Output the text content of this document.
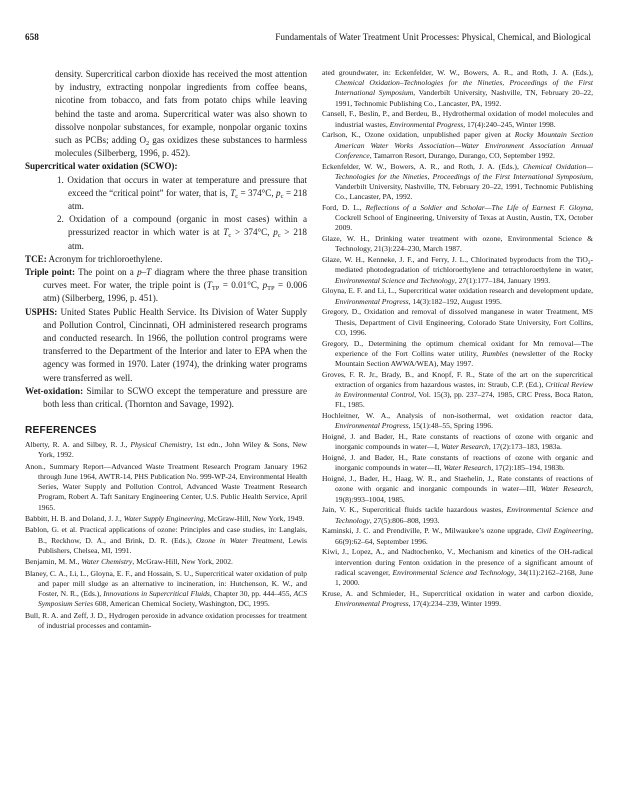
658	Fundamentals of Water Treatment Unit Processes: Physical, Chemical, and Biological

density. Supercritical carbon dioxide has received the most attention by industry, extracting nonpolar ingredients from coffee beans, nicotine from tobacco, and fats from potato chips while leaving behind the taste and aroma. Supercritical water was also shown to dissolve nonpolar substances, for example, nonpolar organic toxins such as PCBs; adding $O_2$ gas oxidizes these substances to harmless molecules (Silberberg, 1996, p. 452).

Supercritical water oxidation (SCWO):

1. Oxidation that occurs in water at temperature and pressure that exceed the “critical point” for water, that is, $T_c = 374^\circ C$, $p_c = 218$ atm.

2. Oxidation of a compound (organic in most cases) within a pressurized reactor in which water is at $T_c > 374^\circ C$, $p_c > 218$ atm.

TCE: Acronym for trichloroethylene.

Triple point: The point on a p–T diagram where the three phase transition curves meet. For water, the triple point is ($T_{TP} = 0.01^\circ C$, $p_{TP} = 0.006$ atm) (Silberberg, 1996, p. 451).

USPHS: United States Public Health Service. Its Division of Water Supply and Pollution Control, Cincinnati, OH administered research programs and conducted research. In 1966, the pollution control programs were transferred to the Department of the Interior and later to EPA when the agency was formed in 1970. Later (1974), the drinking water programs were transferred as well.

Wet-oxidation: Similar to SCWO except the temperature and pressure are both less than critical. (Thornton and Savage, 1992).

REFERENCES

Alberty, R. A. and Silbey, R. J., Physical Chemistry, 1st edn., John Wiley & Sons, New York, 1992.

Anon., Summary Report—Advanced Waste Treatment Research Program January 1962 through June 1964, AWTR-14, PHS Publication No. 999-WP-24, Environmental Health Series, Water Supply and Pollution Control, Advanced Waste Treatment Research Program, Robert A. Taft Sanitary Engineering Center, U.S. Public Health Service, April 1965.

Babbitt, H. B. and Doland, J. J., Water Supply Engineering, McGraw-Hill, New York, 1949.

Bablon, G. et al. Practical applications of ozone: Principles and case studies, in: Langlais, B., Reckhow, D. A., and Brink, D. R. (Eds.), Ozone in Water Treatment, Lewis Publishers, Chelsea, MI, 1991.

Benjamin, M. M., Water Chemistry, McGraw-Hill, New York, 2002.

Blaney, C. A., Li, L., Gloyna, E. F., and Hossain, S. U., Supercritical water oxidation of pulp and paper mill sludge as an alternative to incineration, in: Hutchenson, K. W., and Foster, N. R., (Eds.), Innovations in Supercritical Fluids, Chapter 30, pp. 444–455, ACS Symposium Series 608, American Chemical Society, Washington, DC, 1995.

Bull, R. A. and Zeff, J. D., Hydrogen peroxide in advance oxidation processes for treatment of industrial processes and contamin-

ated groundwater, in: Eckenfelder, W. W., Bowers, A. R., and Roth, J. A. (Eds.), Chemical Oxidation–Technologies for the Nineties, Proceedings of the First International Symposium, Vanderbilt University, Nashville, TN, February 20–22, 1991, Technomic Publishing Co., Lancaster, PA, 1992.

Cansell, F., Beslin, P., and Berdeu, B., Hydrothermal oxidation of model molecules and industrial wastes, Environmental Progress, 17(4):240–245, Winter 1998.

Carlson, K., Ozone oxidation, unpublished paper given at Rocky Mountain Section American Water Works Association—Water Environment Association Annual Conference, Tamarron Resort, Durango, Durango, CO, September 1992.

Eckenfelder, W. W., Bowers, A. R., and Roth, J. A. (Eds.), Chemical Oxidation—Technologies for the Nineties, Proceedings of the First International Symposium, Vanderbilt University, Nashville, TN, February 20–22, 1991, Technomic Publishing Co., Lancaster, PA, 1992.

Ford, D. L., Reflections of a Soldier and Scholar—The Life of Earnest F. Gloyna, Cockrell School of Engineering, University of Texas at Austin, Austin, TX, October 2009.

Glaze, W. H., Drinking water treatment with ozone, Environmental Science & Technology, 21(3):224–230, March 1987.

Glaze, W. H., Kenneke, J. F., and Ferry, J. L., Chlorinated byproducts from the TiO$_2$-mediated photodegradation of trichloroethylene and tetrachloroethylene in water, Environmental Science and Technology, 27(1):177–184, January 1993.

Gloyna, E. F. and Li, L., Supercritical water oxidation research and development update, Environmental Progress, 14(3):182–192, August 1995.

Gregory, D., Oxidation and removal of dissolved manganese in water Treatment, MS Thesis, Department of Civil Engineering, Colorado State University, Fort Collins, CO, 1996.

Gregory, D., Determining the optimum chemical oxidant for Mn removal—The experience of the Fort Collins water utility, Rumbles (newsletter of the Rocky Mountain Section AWWA/WEA), May 1997.

Groves, F. R. Jr., Brady, B., and Knopf, F. R., State of the art on the supercritical extraction of organics from hazardous wastes, in: Straub, C.P. (Ed.), Critical Review in Environmental Control, Vol. 15(3), pp. 237–274, 1985, CRC Press, Boca Raton, FL, 1985.

Hochleitner, W. A., Analysis of non-isothermal, wet oxidation reactor data, Environmental Progress, 15(1):48–55, Spring 1996.

Hoigné, J. and Bader, H., Rate constants of reactions of ozone with organic and inorganic compounds in water—I, Water Research, 17(2):173–183, 1983a.

Hoigné, J. and Bader, H., Rate constants of reactions of ozone with organic and inorganic compounds in water—II, Water Research, 17(2):185–194, 1983b.

Hoigné, J., Bader, H., Haag, W. R., and Staehelin, J., Rate constants of reactions of ozone with organic and inorganic compounds in water—III, Water Research, 19(8):993–1004, 1985.

Jain, V. K., Supercritical fluids tackle hazardous wastes, Environmental Science and Technology, 27(5):806–808, 1993.

Kaminski, J. C. and Prendiville, P. W., Milwaukee’s ozone upgrade, Civil Engineering, 66(9):62–64, September 1996.

Kiwi, J., Lopez, A., and Nadtochenko, V., Mechanism and kinetics of the OH-radical intervention during Fenton oxidation in the presence of a significant amount of radical scavenger, Environmental Science and Technology, 34(11):2162–2168, June 1, 2000.

Kruse, A. and Schmieder, H., Supercritical oxidation in water and carbon dioxide, Environmental Progress, 17(4):234–239, Winter 1999.
